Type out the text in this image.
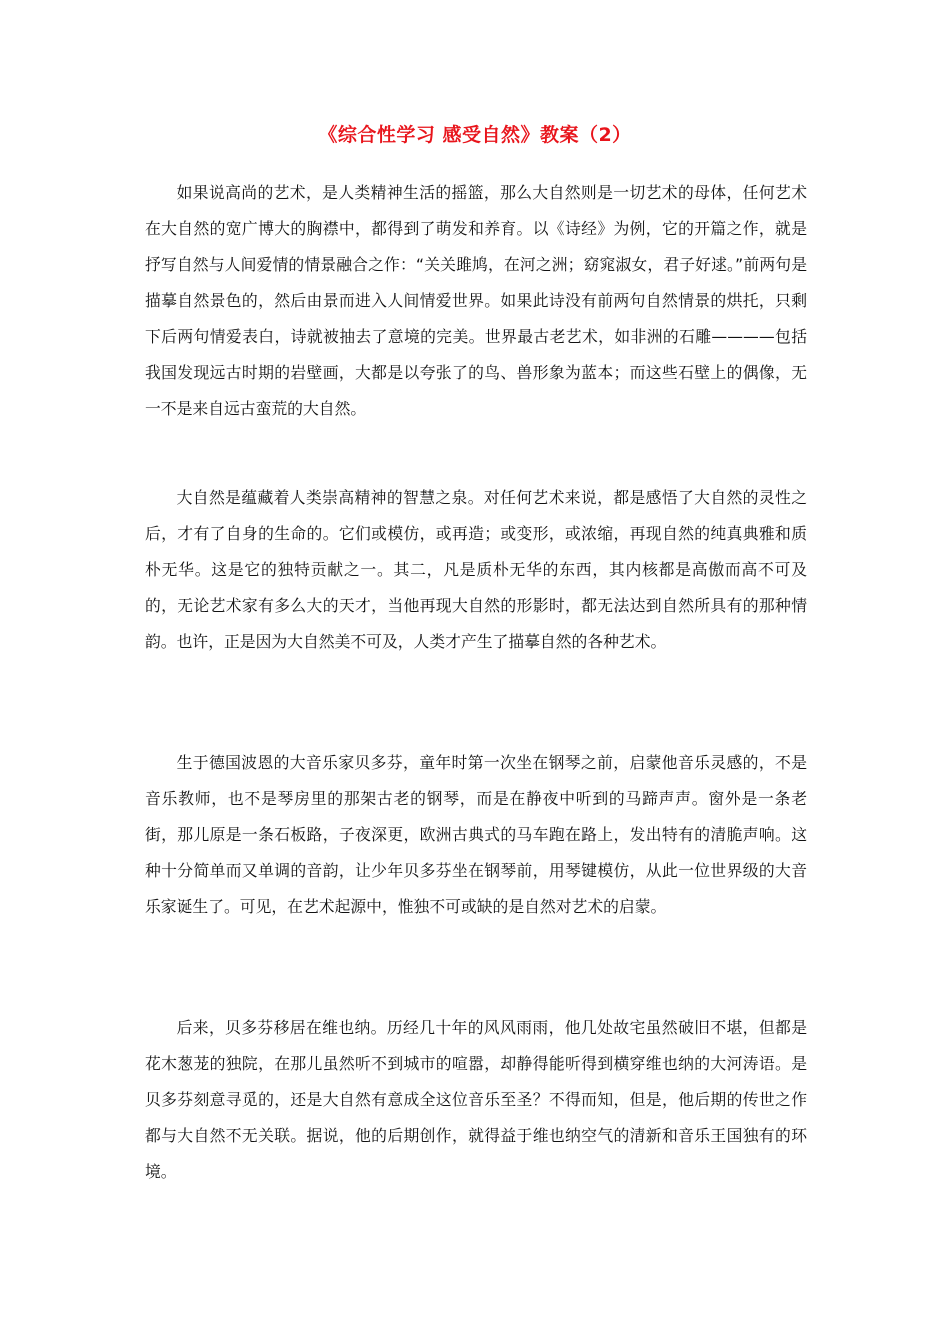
《综合性学习 感受自然》教案（2）

如果说高尚的艺术，是人类精神生活的摇篮，那么大自然则是一切艺术的母体，任何艺术在大自然的宽广博大的胸襟中，都得到了萌发和养育。以《诗经》为例，它的开篇之作，就是抒写自然与人间爱情的情景融合之作：“关关雎鸠，在河之洲；窈窕淑女，君子好逑。”前两句是描摹自然景色的，然后由景而进入人间情爱世界。如果此诗没有前两句自然情景的烘托，只剩下后两句情爱表白，诗就被抽去了意境的完美。世界最古老艺术，如非洲的石雕————包括我国发现远古时期的岩壁画，大都是以夸张了的鸟、兽形象为蓝本；而这些石壁上的偶像，无一不是来自远古蛮荒的大自然。

大自然是蕴藏着人类崇高精神的智慧之泉。对任何艺术来说，都是感悟了大自然的灵性之后，才有了自身的生命的。它们或模仿，或再造；或变形，或浓缩，再现自然的纯真典雅和质朴无华。这是它的独特贡献之一。其二，凡是质朴无华的东西，其内核都是高傲而高不可及的，无论艺术家有多么大的天才，当他再现大自然的形影时，都无法达到自然所具有的那种情韵。也许，正是因为大自然美不可及，人类才产生了描摹自然的各种艺术。

生于德国波恩的大音乐家贝多芬，童年时第一次坐在钢琴之前，启蒙他音乐灵感的，不是音乐教师，也不是琴房里的那架古老的钢琴，而是在静夜中听到的马蹄声声。窗外是一条老街，那儿原是一条石板路，子夜深更，欧洲古典式的马车跑在路上，发出特有的清脆声响。这种十分简单而又单调的音韵，让少年贝多芬坐在钢琴前，用琴键模仿，从此一位世界级的大音乐家诞生了。可见，在艺术起源中，惟独不可或缺的是自然对艺术的启蒙。

后来，贝多芬移居在维也纳。历经几十年的风风雨雨，他几处故宅虽然破旧不堪，但都是花木葱茏的独院，在那儿虽然听不到城市的喧嚣，却静得能听得到横穿维也纳的大河涛语。是贝多芬刻意寻觅的，还是大自然有意成全这位音乐至圣？不得而知，但是，他后期的传世之作都与大自然不无关联。据说，他的后期创作，就得益于维也纳空气的清新和音乐王国独有的环境。
